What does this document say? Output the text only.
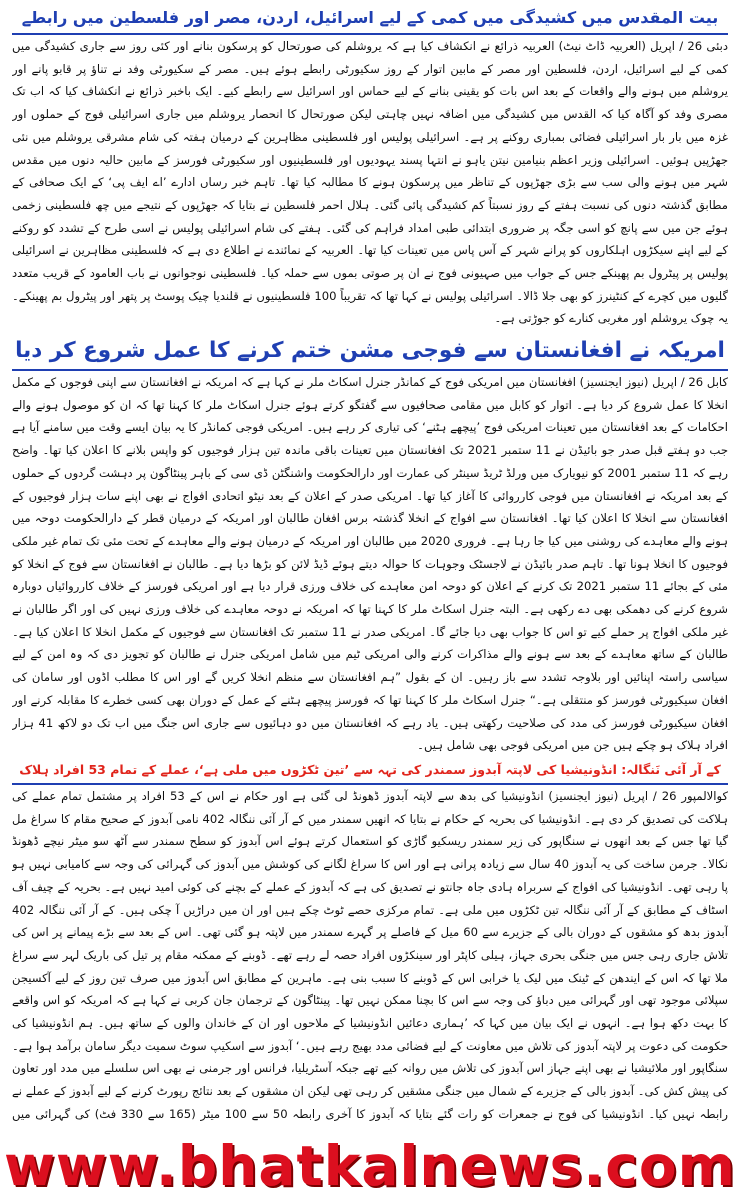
بیت المقدس میں کشیدگی میں کمی کے لیے اسرائیل، اردن، مصر اور فلسطین میں رابطے

دبئی 26 / اپریل (العربیہ ڈاٹ نیٹ) العربیہ ذرائع نے انکشاف کیا ہے کہ یروشلم کی صورتحال کو پرسکون بنانے اور کئی روز سے جاری کشیدگی میں کمی کے لیے اسرائیل، اردن، فلسطین اور مصر کے مابین اتوار کے روز سکیورٹی رابطے ہوئے ہیں۔ مصر کے سکیورٹی وفد نے تناؤ پر قابو پانے اور یروشلم میں ہونے والے واقعات کے بعد اس بات کو یقینی بنانے کے لیے حماس اور اسرائیل سے رابطے کیے۔ ایک باخبر ذرائع نے انکشاف کیا کہ اب تک مصری وفد کو آگاہ کیا کہ القدس میں کشیدگی میں اضافہ نہیں چاہتی لیکن صورتحال کا انحصار یروشلم میں جاری اسرائیلی فوج کے حملوں اور غزہ میں بار بار اسرائیلی فضائی بمباری روکنے پر ہے۔ اسرائیلی پولیس اور فلسطینی مظاہرین کے درمیان ہفتہ کی شام مشرقی یروشلم میں نئی جھڑپیں ہوئیں۔ اسرائیلی وزیر اعظم بنیامین نیتن یاہو نے انتہا پسند یہودیوں اور فلسطینیوں اور سکیورٹی فورسز کے مابین حالیہ دنوں میں مقدس شہر میں ہونے والی سب سے بڑی جھڑپوں کے تناظر میں پرسکون ہونے کا مطالبہ کیا تھا۔ تاہم خبر رساں ادارے ’اے ایف پی‘ کے ایک صحافی کے مطابق گذشتہ دنوں کی نسبت ہفتے کے روز نسبتاً کم کشیدگی پائی گئی۔ ہلال احمر فلسطین نے بتایا کہ جھڑپوں کے نتیجے میں چھ فلسطینی زخمی ہوئے جن میں سے پانچ کو اسی جگہ پر ضروری ابتدائی طبی امداد فراہم کی گئی۔ ہفتے کی شام اسرائیلی پولیس نے اسی طرح کے تشدد کو روکنے کے لیے اپنے سیکڑوں اہلکاروں کو پرانے شہر کے آس پاس میں تعینات کیا تھا۔ العربیہ کے نمائندے نے اطلاع دی ہے کہ فلسطینی مظاہرین نے اسرائیلی پولیس پر پیٹرول بم پھینکے جس کے جواب میں صہیونی فوج نے ان پر صوتی بموں سے حملہ کیا۔ فلسطینی نوجوانوں نے باب العامود کے قریب متعدد گلیوں میں کچرے کے کنٹینرز کو بھی جلا ڈالا۔ اسرائیلی پولیس نے کہا تھا کہ تقریباً 100 فلسطینیوں نے قلندیا چیک پوسٹ پر پتھر اور پیٹرول بم پھینکے۔ یہ چوک یروشلم اور مغربی کنارے کو جوڑتی ہے۔

امریکہ نے افغانستان سے فوجی مشن ختم کرنے کا عمل شروع کر دیا

کابل 26 / اپریل (نیوز ایجنسیز) افغانستان میں امریکی فوج کے کمانڈر جنرل اسکاٹ ملر نے کہا ہے کہ امریکہ نے افغانستان سے اپنی فوجوں کے مکمل انخلا کا عمل شروع کر دیا ہے۔ اتوار کو کابل میں مقامی صحافیوں سے گفتگو کرتے ہوئے جنرل اسکاٹ ملر کا کہنا تھا کہ ان کو موصول ہونے والے احکامات کے بعد افغانستان میں تعینات امریکی فوج ’پیچھے ہٹنے‘ کی تیاری کر رہے ہیں۔ امریکی فوجی کمانڈر کا یہ بیان ایسے وقت میں سامنے آیا ہے جب دو ہفتے قبل صدر جو بائیڈن نے 11 ستمبر 2021 تک افغانستان میں تعینات باقی ماندہ تین ہزار فوجیوں کو واپس بلانے کا اعلان کیا تھا۔ واضح رہے کہ 11 ستمبر 2001 کو نیویارک میں ورلڈ ٹریڈ سینٹر کی عمارت اور دارالحکومت واشنگٹن ڈی سی کے باہر پینٹاگون پر دہشت گردوں کے حملوں کے بعد امریکہ نے افغانستان میں فوجی کارروائی کا آغاز کیا تھا۔ امریکی صدر کے اعلان کے بعد نیٹو اتحادی افواج نے بھی اپنے سات ہزار فوجیوں کے افغانستان سے انخلا کا اعلان کیا تھا۔ افغانستان سے افواج کے انخلا گذشتہ برس افغان طالبان اور امریکہ کے درمیان قطر کے دارالحکومت دوحہ میں ہونے والے معاہدے کی روشنی میں کیا جا رہا ہے۔ فروری 2020 میں طالبان اور امریکہ کے درمیان ہونے والے معاہدے کے تحت مئی تک تمام غیر ملکی فوجیوں کا انخلا ہونا تھا۔ تاہم صدر بائیڈن نے لاجسٹک وجوہات کا حوالہ دیتے ہوئے ڈیڈ لائن کو بڑھا دیا ہے۔ طالبان نے افغانستان سے فوج کے انخلا کو مئی کے بجائے 11 ستمبر 2021 تک کرنے کے اعلان کو دوحہ امن معاہدے کی خلاف ورزی قرار دیا ہے اور امریکی فورسز کے خلاف کارروائیاں دوبارہ شروع کرنے کی دھمکی بھی دے رکھی ہے۔ البتہ جنرل اسکاٹ ملر کا کہنا تھا کہ امریکہ نے دوحہ معاہدے کی خلاف ورزی نہیں کی اور اگر طالبان نے غیر ملکی افواج پر حملے کیے تو اس کا جواب بھی دیا جائے گا۔ امریکی صدر نے 11 ستمبر تک افغانستان سے فوجیوں کے مکمل انخلا کا اعلان کیا ہے۔ طالبان کے ساتھ معاہدے کے بعد سے ہونے والے مذاکرات کرنے والی امریکی ٹیم میں شامل امریکی جنرل نے طالبان کو تجویز دی کہ وہ امن کے لیے سیاسی راستہ اپنائیں اور بلاوجہ تشدد سے باز رہیں۔ ان کے بقول ”ہم افغانستان سے منظم انخلا کریں گے اور اس کا مطلب اڈوں اور سامان کی افغان سیکیورٹی فورسز کو منتقلی ہے۔“ جنرل اسکاٹ ملر کا کہنا تھا کہ فورسز پیچھے ہٹنے کے عمل کے دوران بھی کسی خطرے کا مقابلہ کرنے اور افغان سیکیورٹی فورسز کی مدد کی صلاحیت رکھتی ہیں۔ یاد رہے کہ افغانستان میں دو دہائیوں سے جاری اس جنگ میں اب تک دو لاکھ 41 ہزار افراد ہلاک ہو چکے ہیں جن میں امریکی فوجی بھی شامل ہیں۔

کے آر آئی نَنگالہ: انڈونیشیا کی لاپتہ آبدوز سمندر کی تہہ سے ’تین ٹکڑوں میں ملی ہے‘، عملے کے تمام 53 افراد ہلاک

کوالالمپور 26 / اپریل (نیوز ایجنسیز) انڈونیشیا کی بدھ سے لاپتہ آبدوز ڈھونڈ لی گئی ہے اور حکام نے اس کے 53 افراد پر مشتمل تمام عملے کی ہلاکت کی تصدیق کر دی ہے۔ انڈونیشیا کی بحریہ کے حکام نے بتایا کہ انھیں سمندر میں کے آر آئی ننگالہ 402 نامی آبدوز کے صحیح مقام کا سراغ مل گیا تھا جس کے بعد انھوں نے سنگاپور کی زیر سمندر ریسکیو گاڑی کو استعمال کرتے ہوئے اس آبدوز کو سطح سمندر سے آٹھ سو میٹر نیچے ڈھونڈ نکالا۔ جرمن ساخت کی یہ آبدوز 40 سال سے زیادہ پرانی ہے اور اس کا سراغ لگانے کی کوشش میں آبدوز کی گہرائی کی وجہ سے کامیابی نہیں ہو پا رہی تھی۔ انڈونیشیا کی افواج کے سربراہ ہادی جاہ جانتو نے تصدیق کی ہے کہ آبدوز کے عملے کے بچنے کی کوئی امید نہیں ہے۔ بحریہ کے چیف آف اسٹاف کے مطابق کے آر آئی ننگالہ تین ٹکڑوں میں ملی ہے۔ تمام مرکزی حصے ٹوٹ چکے ہیں اور ان میں دراڑیں آ چکی ہیں۔ کے آر آئی ننگالہ 402 آبدوز بدھ کو مشقوں کے دوران بالی کے جزیرے سے 60 میل کے فاصلے پر گہرے سمندر میں لاپتہ ہو گئی تھی۔ اس کے بعد سے بڑے پیمانے پر اس کی تلاش جاری رہی جس میں جنگی بحری جہاز، ہیلی کاپٹر اور سینکڑوں افراد حصہ لے رہے تھے۔ ڈوبنے کے ممکنہ مقام پر تیل کی باریک لہر سے سراغ ملا تھا کہ اس کے ایندھن کے ٹینک میں لیک یا خرابی اس کے ڈوبنے کا سبب بنی ہے۔ ماہرین کے مطابق اس آبدوز میں صرف تین روز کے لیے آکسیجن سپلائی موجود تھی اور گہرائی میں دباؤ کی وجہ سے اس کا بچنا ممکن نہیں تھا۔ پینٹاگون کے ترجمان جان کربی نے کہا ہے کہ امریکہ کو اس واقعے کا بہت دکھ ہوا ہے۔ انہوں نے ایک بیان میں کہا کہ ’ہماری دعائیں انڈونیشیا کے ملاحوں اور ان کے خاندان والوں کے ساتھ ہیں۔ ہم انڈونیشیا کی حکومت کی دعوت پر لاپتہ آبدوز کی تلاش میں معاونت کے لیے فضائی مدد بھیج رہے ہیں۔‘ آبدوز سے اسکیپ سوٹ سمیت دیگر سامان برآمد ہوا ہے۔ سنگاپور اور ملائیشیا نے بھی اپنے جہاز اس آبدوز کی تلاش میں روانہ کیے تھے جبکہ آسٹریلیا، فرانس اور جرمنی نے بھی اس سلسلے میں مدد اور تعاون کی پیش کش کی۔ آبدوز بالی کے جزیرے کے شمال میں جنگی مشقیں کر رہی تھی لیکن ان مشقوں کے بعد نتائج رپورٹ کرنے کے لیے آبدوز کے عملے نے رابطہ نہیں کیا۔ انڈونیشیا کی فوج نے جمعرات کو رات گئے بتایا کہ آبدوز کا آخری رابطہ 50 سے 100 میٹر (165 سے 330 فٹ) کی گہرائی میں

www.bhatkalnews.com
